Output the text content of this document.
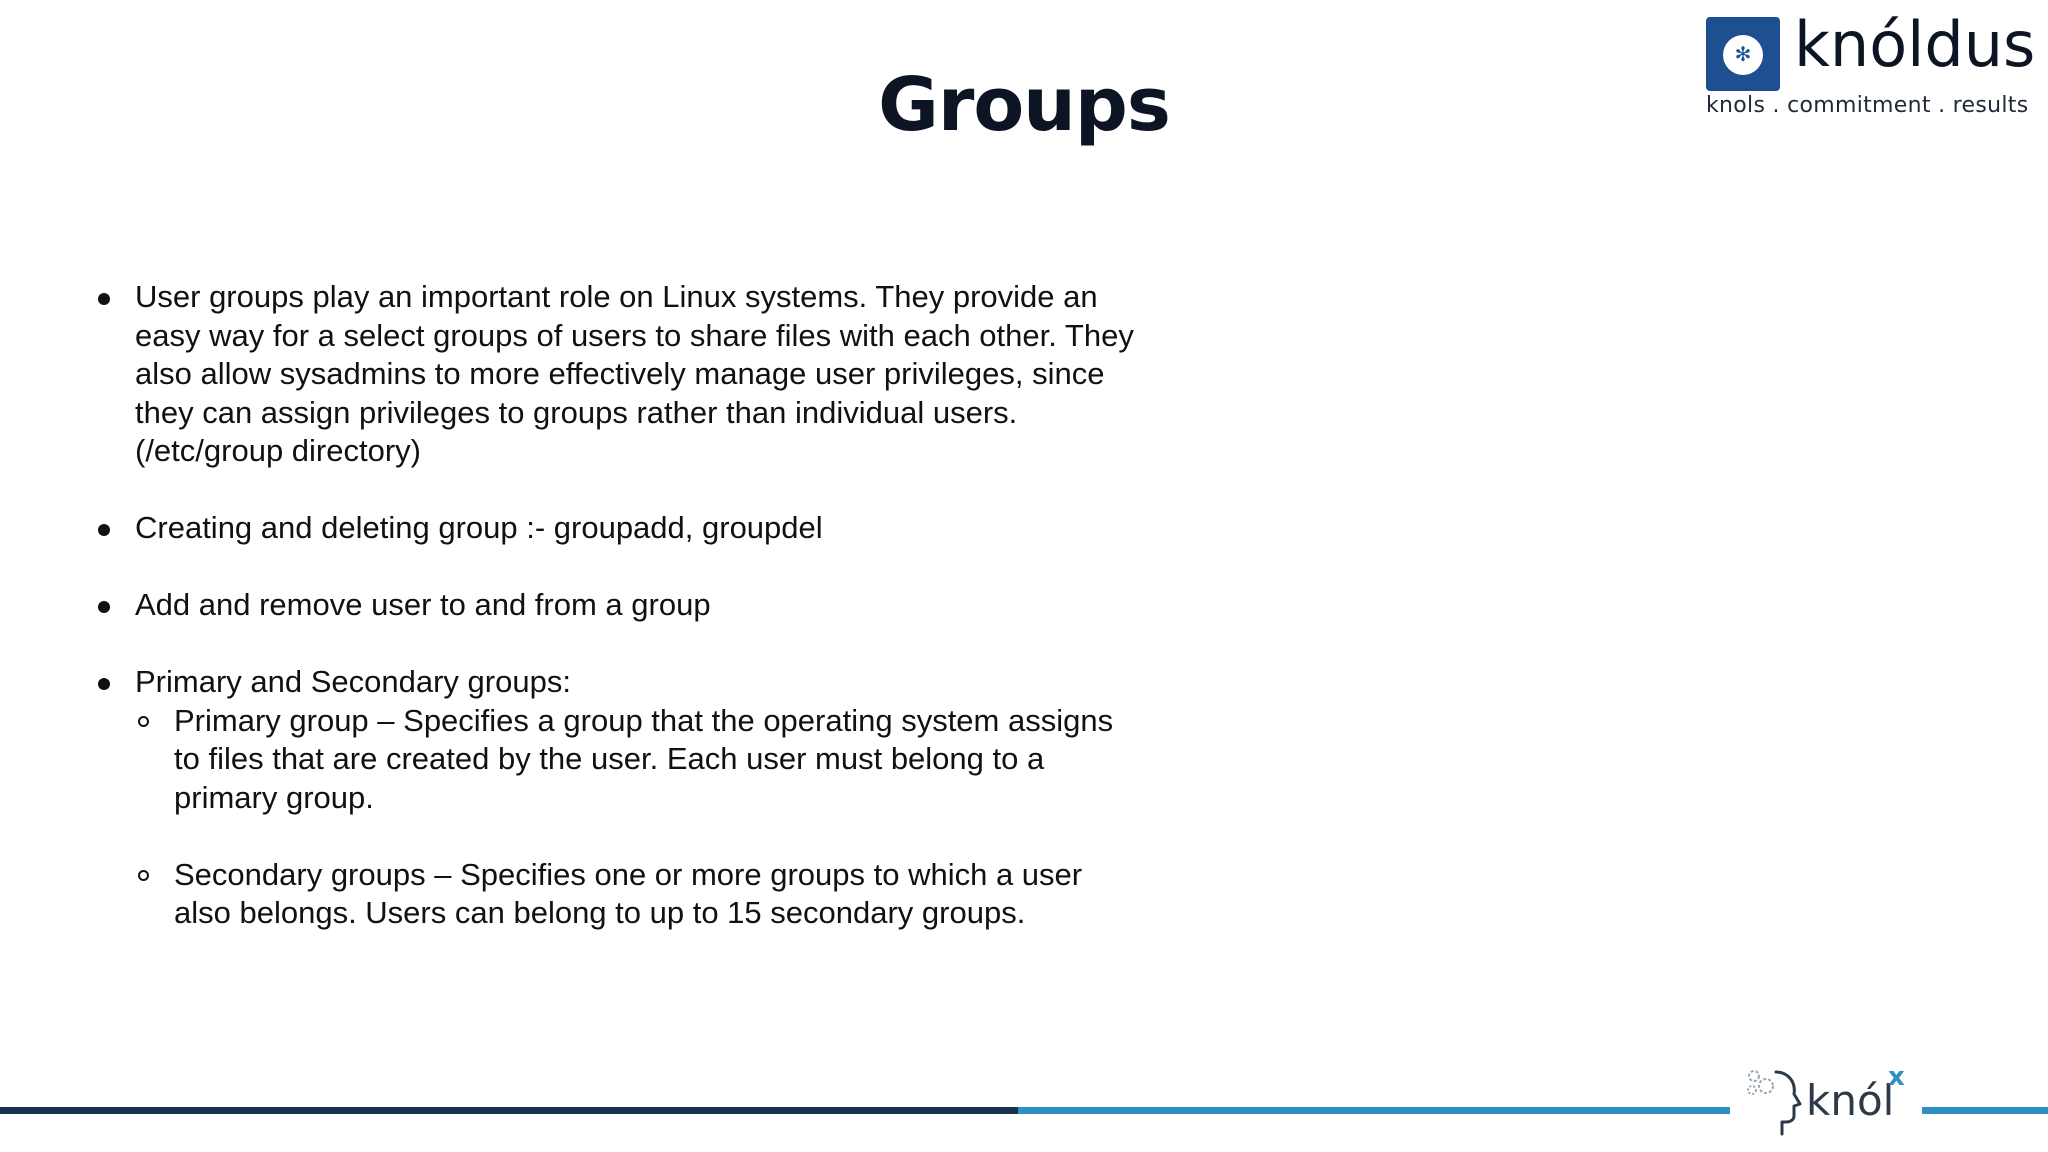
Groups
✻ knóldus
knols . commitment . results
User groups play an important role on Linux systems. They provide an easy way for a select groups of users to share files with each other. They also allow sysadmins to more effectively manage user privileges, since they can assign privileges to groups rather than individual users. (/etc/group directory)
Creating and deleting group :- groupadd, groupdel
Add and remove user to and from a group
Primary and Secondary groups:
Primary group – Specifies a group that the operating system assigns to files that are created by the user. Each user must belong to a primary group.
Secondary groups – Specifies one or more groups to which a user also belongs. Users can belong to up to 15 secondary groups.
knól
x
